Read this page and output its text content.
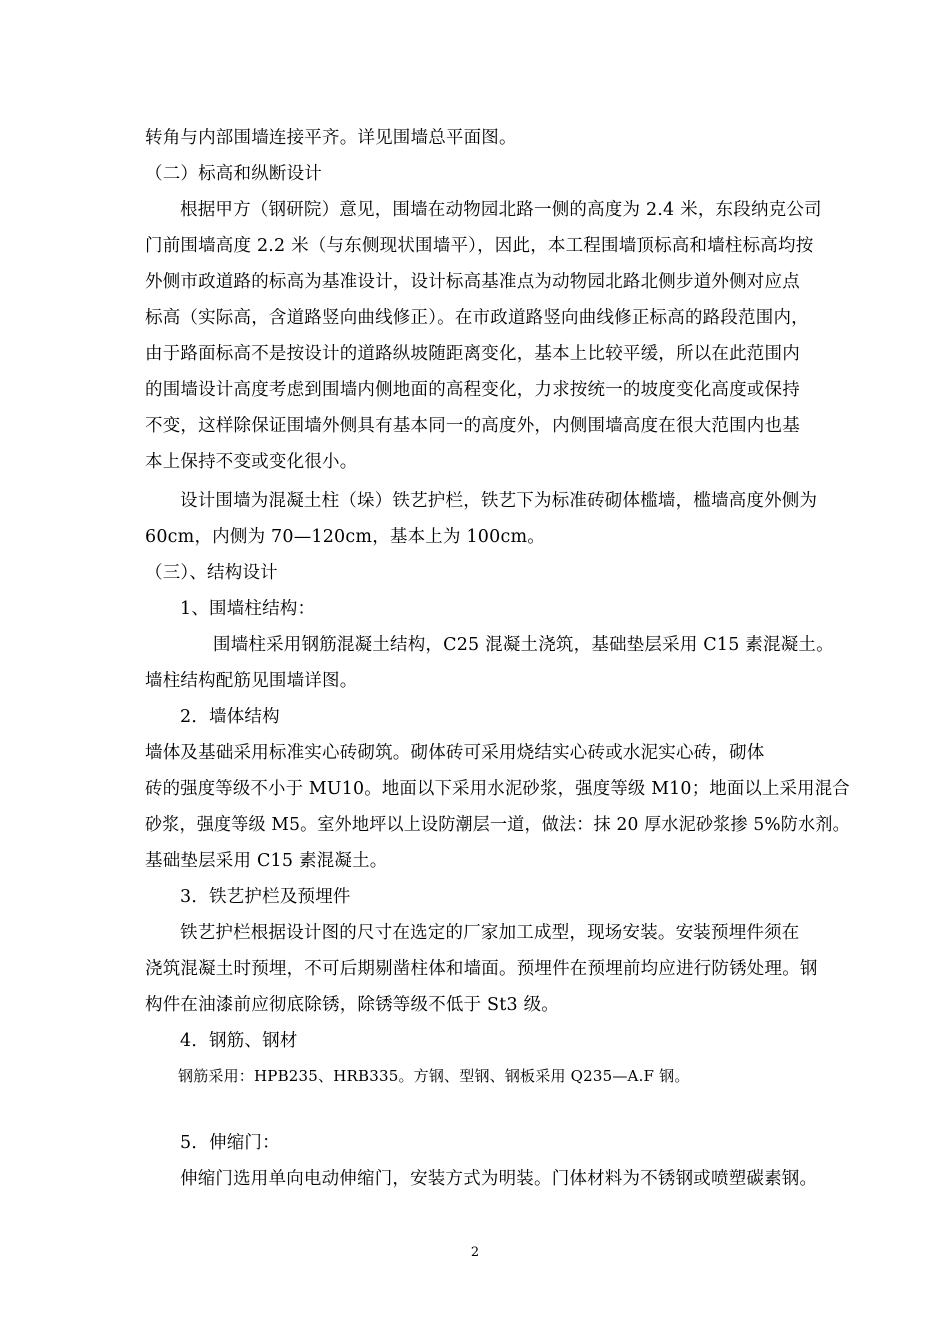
转角与内部围墙连接平齐。详见围墙总平面图。
（二）标高和纵断设计
根据甲方（钢研院）意见，围墙在动物园北路一侧的高度为 2.4 米，东段纳克公司
门前围墙高度 2.2 米（与东侧现状围墙平），因此，本工程围墙顶标高和墙柱标高均按
外侧市政道路的标高为基准设计，设计标高基准点为动物园北路北侧步道外侧对应点
标高（实际高，含道路竖向曲线修正）。在市政道路竖向曲线修正标高的路段范围内，
由于路面标高不是按设计的道路纵坡随距离变化，基本上比较平缓，所以在此范围内
的围墙设计高度考虑到围墙内侧地面的高程变化，力求按统一的坡度变化高度或保持
不变，这样除保证围墙外侧具有基本同一的高度外，内侧围墙高度在很大范围内也基
本上保持不变或变化很小。
设计围墙为混凝土柱（垛）铁艺护栏，铁艺下为标准砖砌体槛墙，槛墙高度外侧为
60cm，内侧为 70—120cm，基本上为 100cm。
（三）、结构设计
1、围墙柱结构：
围墙柱采用钢筋混凝土结构，C25 混凝土浇筑，基础垫层采用 C15 素混凝土。
墙柱结构配筋见围墙详图。
2．墙体结构
墙体及基础采用标准实心砖砌筑。砌体砖可采用烧结实心砖或水泥实心砖，砌体
砖的强度等级不小于 MU10。地面以下采用水泥砂浆，强度等级 M10；地面以上采用混合
砂浆，强度等级 M5。室外地坪以上设防潮层一道，做法：抹 20 厚水泥砂浆掺 5%防水剂。
基础垫层采用 C15 素混凝土。
3．铁艺护栏及预埋件
铁艺护栏根据设计图的尺寸在选定的厂家加工成型，现场安装。安装预埋件须在
浇筑混凝土时预埋，不可后期剔凿柱体和墙面。预埋件在预埋前均应进行防锈处理。钢
构件在油漆前应彻底除锈，除锈等级不低于 St3 级。
4．钢筋、钢材
钢筋采用：HPB235、HRB335。方钢、型钢、钢板采用 Q235—A.F 钢。
5．伸缩门：
伸缩门选用单向电动伸缩门，安装方式为明装。门体材料为不锈钢或喷塑碳素钢。
2
